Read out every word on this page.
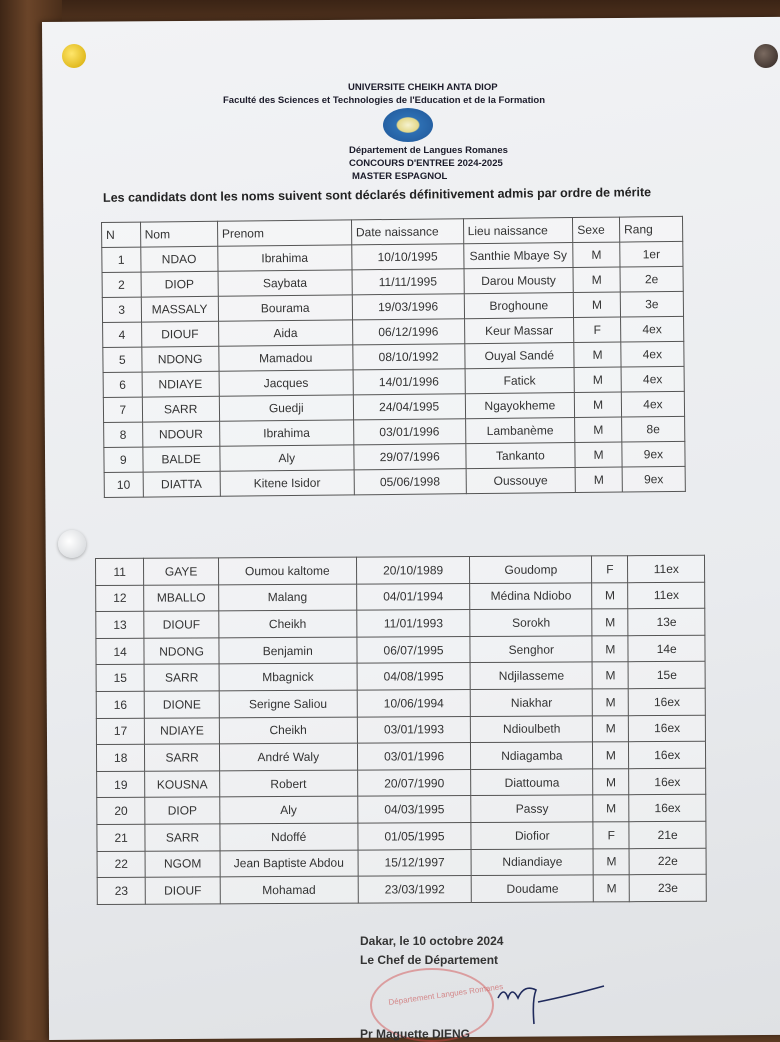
UNIVERSITE CHEIKH ANTA DIOP
Faculté des Sciences et Technologies de l'Education et de la Formation
Département de Langues Romanes
CONCOURS D'ENTREE 2024-2025
MASTER ESPAGNOL
Les candidats dont les noms suivent sont déclarés définitivement admis par ordre de mérite
N	Nom	Prenom	Date naissance	Lieu naissance	Sexe	Rang
1	NDAO	Ibrahima	10/10/1995	Santhie Mbaye Sy	M	1er
2	DIOP	Saybata	11/11/1995	Darou Mousty	M	2e
3	MASSALY	Bourama	19/03/1996	Broghoune	M	3e
4	DIOUF	Aida	06/12/1996	Keur Massar	F	4ex
5	NDONG	Mamadou	08/10/1992	Ouyal Sandé	M	4ex
6	NDIAYE	Jacques	14/01/1996	Fatick	M	4ex
7	SARR	Guedji	24/04/1995	Ngayokheme	M	4ex
8	NDOUR	Ibrahima	03/01/1996	Lambanème	M	8e
9	BALDE	Aly	29/07/1996	Tankanto	M	9ex
10	DIATTA	Kitene Isidor	05/06/1998	Oussouye	M	9ex
11	GAYE	Oumou kaltome	20/10/1989	Goudomp	F	11ex
12	MBALLO	Malang	04/01/1994	Médina Ndiobo	M	11ex
13	DIOUF	Cheikh	11/01/1993	Sorokh	M	13e
14	NDONG	Benjamin	06/07/1995	Senghor	M	14e
15	SARR	Mbagnick	04/08/1995	Ndjilasseme	M	15e
16	DIONE	Serigne Saliou	10/06/1994	Niakhar	M	16ex
17	NDIAYE	Cheikh	03/01/1993	Ndioulbeth	M	16ex
18	SARR	André Waly	03/01/1996	Ndiagamba	M	16ex
19	KOUSNA	Robert	20/07/1990	Diattouma	M	16ex
20	DIOP	Aly	04/03/1995	Passy	M	16ex
21	SARR	Ndoffé	01/05/1995	Diofior	F	21e
22	NGOM	Jean Baptiste Abdou	15/12/1997	Ndiandiaye	M	22e
23	DIOUF	Mohamad	23/03/1992	Doudame	M	23e
Dakar, le 10 octobre 2024
Le Chef de Département
Département Langues Romanes
Pr Maguette DIENG
